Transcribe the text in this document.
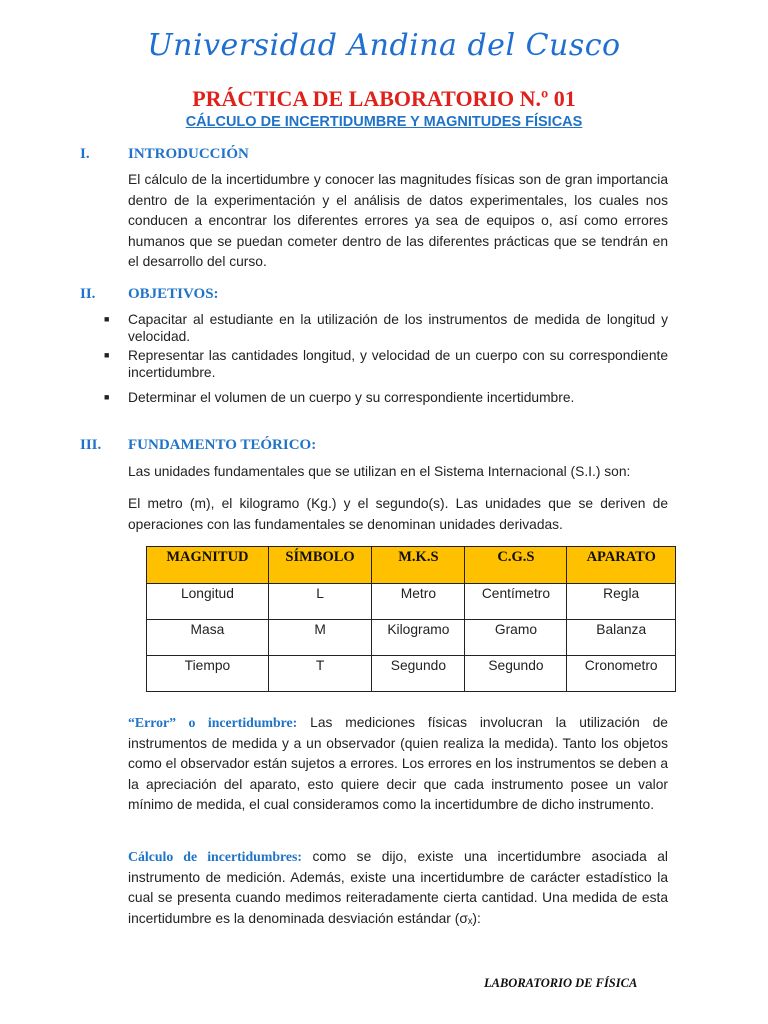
Universidad Andina del Cusco
PRÁCTICA DE LABORATORIO N.º 01
CÁLCULO DE INCERTIDUMBRE Y MAGNITUDES FÍSICAS
I.	INTRODUCCIÓN

El cálculo de la incertidumbre y conocer las magnitudes físicas son de gran importancia dentro de la experimentación y el análisis de datos experimentales, los cuales nos conducen a encontrar los diferentes errores ya sea de equipos o, así como errores humanos que se puedan cometer dentro de las diferentes prácticas que se tendrán en el desarrollo del curso.

II. OBJETIVOS:
■ Capacitar al estudiante en la utilización de los instrumentos de medida de longitud y velocidad.
■ Representar las cantidades longitud, y velocidad de un cuerpo con su correspondiente incertidumbre.
■ Determinar el volumen de un cuerpo y su correspondiente incertidumbre.
III. FUNDAMENTO TEÓRICO:

Las unidades fundamentales que se utilizan en el Sistema Internacional (S.I.) son:

El metro (m), el kilogramo (Kg.) y el segundo(s). Las unidades que se deriven de operaciones con las fundamentales se denominan unidades derivadas.

MAGNITUD	SÍMBOLO	M.K.S	C.G.S	APARATO
Longitud	L	Metro	Centímetro	Regla
Masa	M	Kilogramo	Gramo	Balanza
Tiempo	T	Segundo	Segundo	Cronometro

“Error” o incertidumbre: Las mediciones físicas involucran la utilización de instrumentos de medida y a un observador (quien realiza la medida). Tanto los objetos como el observador están sujetos a errores. Los errores en los instrumentos se deben a la apreciación del aparato, esto quiere decir que cada instrumento posee un valor mínimo de medida, el cual consideramos como la incertidumbre de dicho instrumento.

Cálculo de incertidumbres: como se dijo, existe una incertidumbre asociada al instrumento de medición. Además, existe una incertidumbre de carácter estadístico la cual se presenta cuando medimos reiteradamente cierta cantidad. Una medida de esta incertidumbre es la denominada desviación estándar (σₓ):

LABORATORIO DE FÍSICA
